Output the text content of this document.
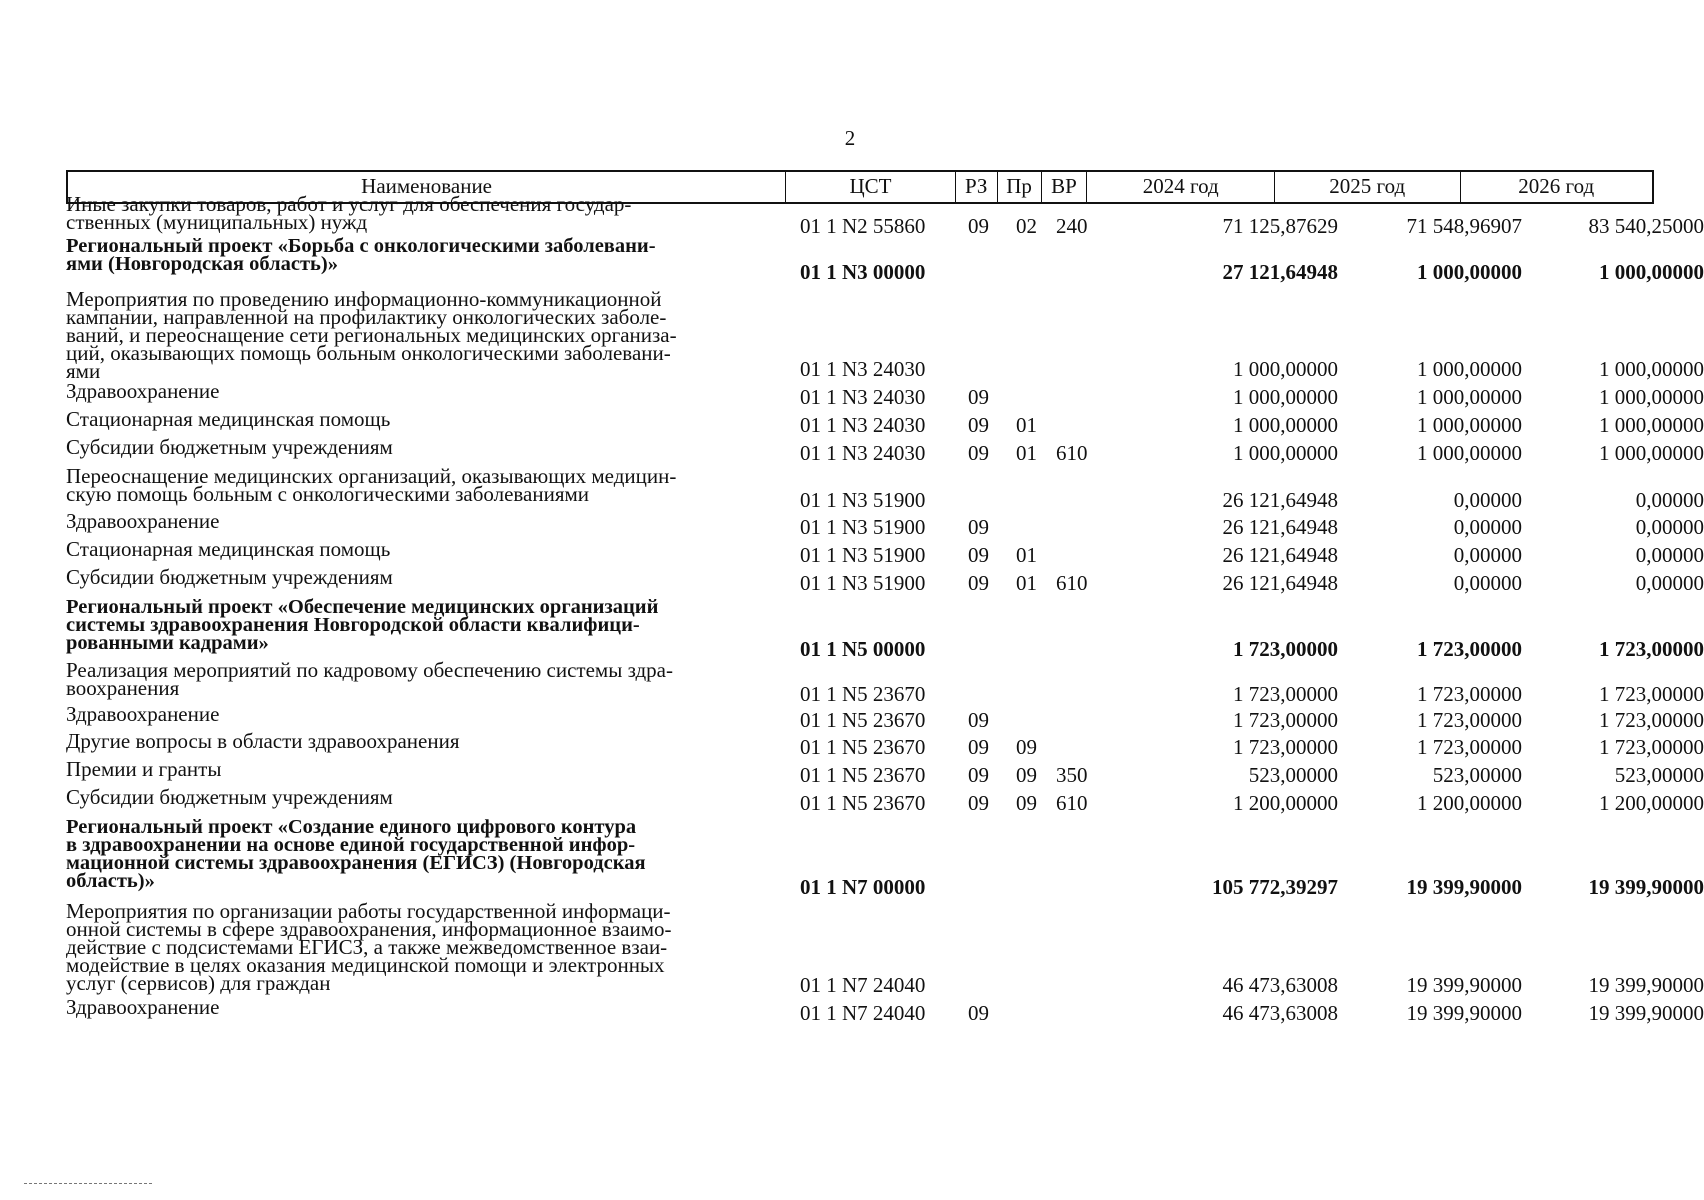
2
Наименование	ЦСТ	РЗ Пр ВР	2024 год	2025 год	2026 год
Иные закупки товаров, работ и услуг для обеспечения государ-
ственных (муниципальных) нужд	01 1 N2 55860 09 02 240	71 125,87629	71 548,96907	83 540,25000
Региональный проект «Борьба с онкологическими заболевани-
ями (Новгородская область)»	01 1 N3 00000	27 121,64948	1 000,00000	1 000,00000
Мероприятия по проведению информационно-коммуникационной
кампании, направленной на профилактику онкологических заболе-
ваний, и переоснащение сети региональных медицинских организа-
ций, оказывающих помощь больным онкологическими заболевани-
ями	01 1 N3 24030	1 000,00000	1 000,00000	1 000,00000
Здравоохранение	01 1 N3 24030 09	1 000,00000	1 000,00000	1 000,00000
Стационарная медицинская помощь	01 1 N3 24030 09 01	1 000,00000	1 000,00000	1 000,00000
Субсидии бюджетным учреждениям	01 1 N3 24030 09 01 610	1 000,00000	1 000,00000	1 000,00000
Переоснащение медицинских организаций, оказывающих медицин-
скую помощь больным с онкологическими заболеваниями	01 1 N3 51900	26 121,64948	0,00000	0,00000
Здравоохранение	01 1 N3 51900 09	26 121,64948	0,00000	0,00000
Стационарная медицинская помощь	01 1 N3 51900 09 01	26 121,64948	0,00000	0,00000
Субсидии бюджетным учреждениям	01 1 N3 51900 09 01 610	26 121,64948	0,00000	0,00000
Региональный проект «Обеспечение медицинских организаций
системы здравоохранения Новгородской области квалифици-
рованными кадрами»	01 1 N5 00000	1 723,00000	1 723,00000	1 723,00000
Реализация мероприятий по кадровому обеспечению системы здра-
воохранения	01 1 N5 23670	1 723,00000	1 723,00000	1 723,00000
Здравоохранение	01 1 N5 23670 09	1 723,00000	1 723,00000	1 723,00000
Другие вопросы в области здравоохранения	01 1 N5 23670 09 09	1 723,00000	1 723,00000	1 723,00000
Премии и гранты	01 1 N5 23670 09 09 350	523,00000	523,00000	523,00000
Субсидии бюджетным учреждениям	01 1 N5 23670 09 09 610	1 200,00000	1 200,00000	1 200,00000
Региональный проект «Создание единого цифрового контура
в здравоохранении на основе единой государственной инфор-
мационной системы здравоохранения (ЕГИСЗ) (Новгородская
область)»	01 1 N7 00000	105 772,39297	19 399,90000	19 399,90000
Мероприятия по организации работы государственной информаци-
онной системы в сфере здравоохранения, информационное взаимо-
действие с подсистемами ЕГИСЗ, а также межведомственное взаи-
модействие в целях оказания медицинской помощи и электронных
услуг (сервисов) для граждан	01 1 N7 24040	46 473,63008	19 399,90000	19 399,90000
Здравоохранение	01 1 N7 24040 09	46 473,63008	19 399,90000	19 399,90000
